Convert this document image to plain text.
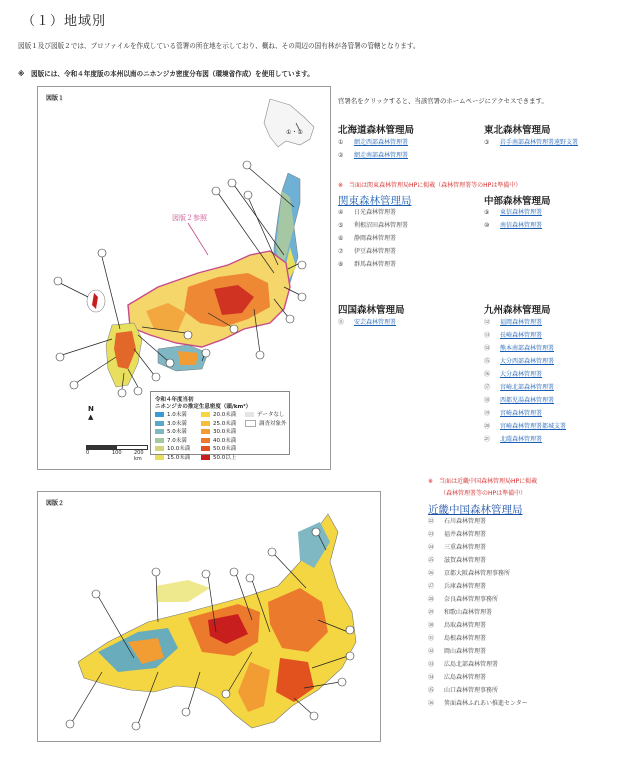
（１）地域別
図版１及び図版２では、プロファイルを作成している管署の所在地を示しており、概ね、その周辺の国有林が各管署の管轄となります。
※　図版には、令和４年度版の本州以南のニホンジカ密度分布図（環境省作成）を使用しています。
図版１
①・②
図版２参照
令和４年度当初
ニホンジカの推定生息密度（頭/km²）
1.0未満
3.0未満
5.0未満
7.0未満
10.0未満
15.0未満
20.0未満
25.0未満
30.0未満
40.0未満
50.0未満
50.0以上
データなし
調査対象外
N
▲
0	100 200 km
図版２
官署名をクリックすると、当該官署のホームページにアクセスできます。
北海道森林管理局
① 網走西部森林管理署
② 網走南部森林管理署
東北森林管理局
③ 岩手南部森林管理署遠野支署
※　当面は関東森林管理局HPに掲載（森林管理署等のHPは準備中）
関東森林管理局
④ 日光森林管理署
⑤ 利根沼田森林管理署
⑥ 静岡森林管理署
⑦ 伊豆森林管理署
⑧ 群馬森林管理署
中部森林管理局
⑨ 東信森林管理署
⑩ 南信森林管理署
四国森林管理局
⑪ 安芸森林管理署
九州森林管理局
⑫ 福岡森林管理署
⑬ 長崎森林管理署
⑭ 熊本南部森林管理署
⑮ 大分西部森林管理署
⑯ 大分森林管理署
⑰ 宮崎北部森林管理署
⑱ 西都児湯森林管理署
⑲ 宮崎森林管理署
⑳ 宮崎森林管理署都城支署
㉑ 北薩森林管理署
※　当面は近畿中国森林管理局HPに掲載
（森林管理署等のHPは準備中）
近畿中国森林管理局
㉒ 石川森林管理署
㉓ 福井森林管理署
㉔ 三重森林管理署
㉕ 滋賀森林管理署
㉖ 京都大阪森林管理事務所
㉗ 兵庫森林管理署
㉘ 奈良森林管理事務所
㉙ 和歌山森林管理署
㉚ 鳥取森林管理署
㉛ 島根森林管理署
㉜ 岡山森林管理署
㉝ 広島北部森林管理署
㉞ 広島森林管理署
㉟ 山口森林管理事務所
㊱ 箕面森林ふれあい推進センター
